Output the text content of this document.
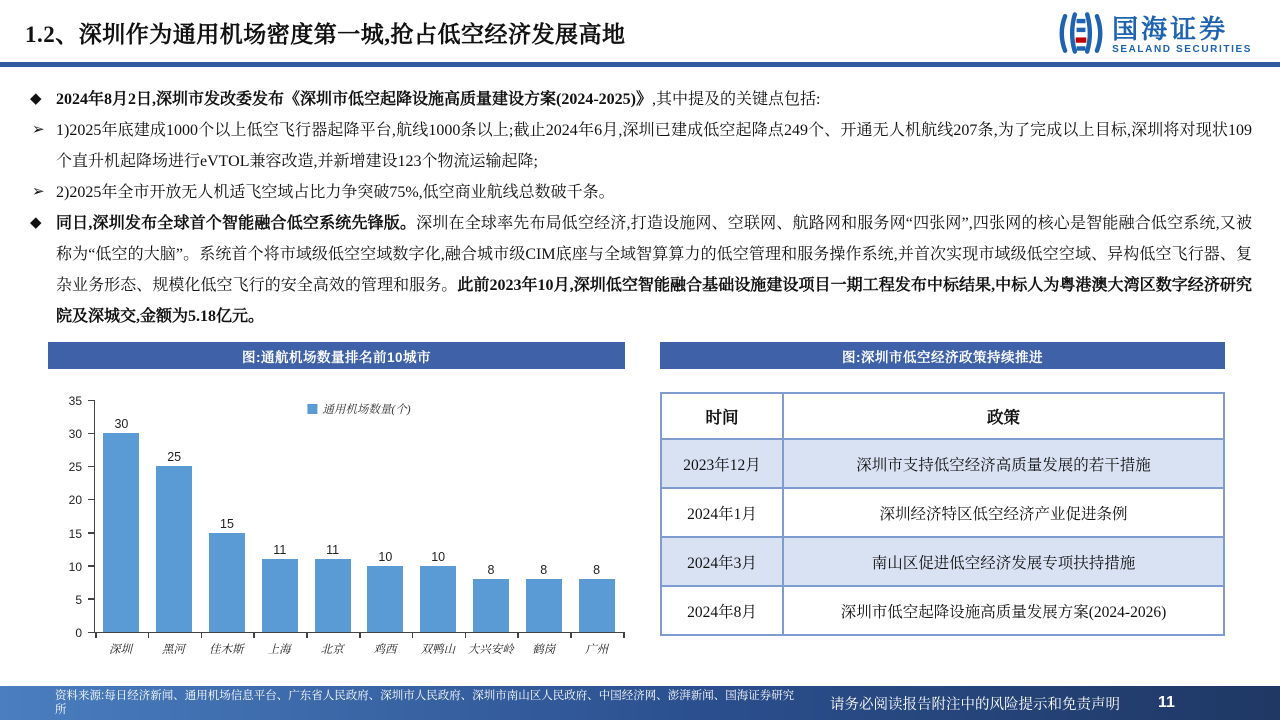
1.2、深圳作为通用机场密度第一城,抢占低空经济发展高地	国海证券
SEALAND SECURITIES
◆ 2024年8月2日,深圳市发改委发布《深圳市低空起降设施高质量建设方案(2024-2025)》,其中提及的关键点包括:
➢ 1)2025年底建成1000个以上低空飞行器起降平台,航线1000条以上;截止2024年6月,深圳已建成低空起降点249个、开通无人机航线207条,为了完成以上目标,深圳将对现状109个直升机起降场进行eVTOL兼容改造,并新增建设123个物流运输起降;
➢ 2)2025年全市开放无人机适飞空域占比力争突破75%,低空商业航线总数破千条。
◆ 同日,深圳发布全球首个智能融合低空系统先锋版。深圳在全球率先布局低空经济,打造设施网、空联网、航路网和服务网“四张网”,四张网的核心是智能融合低空系统,又被称为“低空的大脑”。系统首个将市域级低空空域数字化,融合城市级CIM底座与全域智算算力的低空管理和服务操作系统,并首次实现市域级低空空域、异构低空飞行器、复杂业务形态、规模化低空飞行的安全高效的管理和服务。此前2023年10月,深圳低空智能融合基础设施建设项目一期工程发布中标结果,中标人为粤港澳大湾区数字经济研究院及深城交,金额为5.18亿元。
图:通航机场数量排名前10城市
0
5
10
15
20
25
30
35
通用机场数量(个)
30
25
15
11	11	10	10
8	8	8
深圳	黑河	佳木斯	上海	北京	鸡西	双鸭山	大兴安岭	鹤岗	广州
图:深圳市低空经济政策持续推进
时间	政策
2023年12月	深圳市支持低空经济高质量发展的若干措施
2024年1月	深圳经济特区低空经济产业促进条例
2024年3月	南山区促进低空经济发展专项扶持措施
2024年8月	深圳市低空起降设施高质量发展方案(2024-2026)
资料来源:每日经济新闻、通用机场信息平台、广东省人民政府、深圳市人民政府、深圳市南山区人民政府、中国经济网、澎湃新闻、国海证券研究所	请务必阅读报告附注中的风险提示和免责声明 11
